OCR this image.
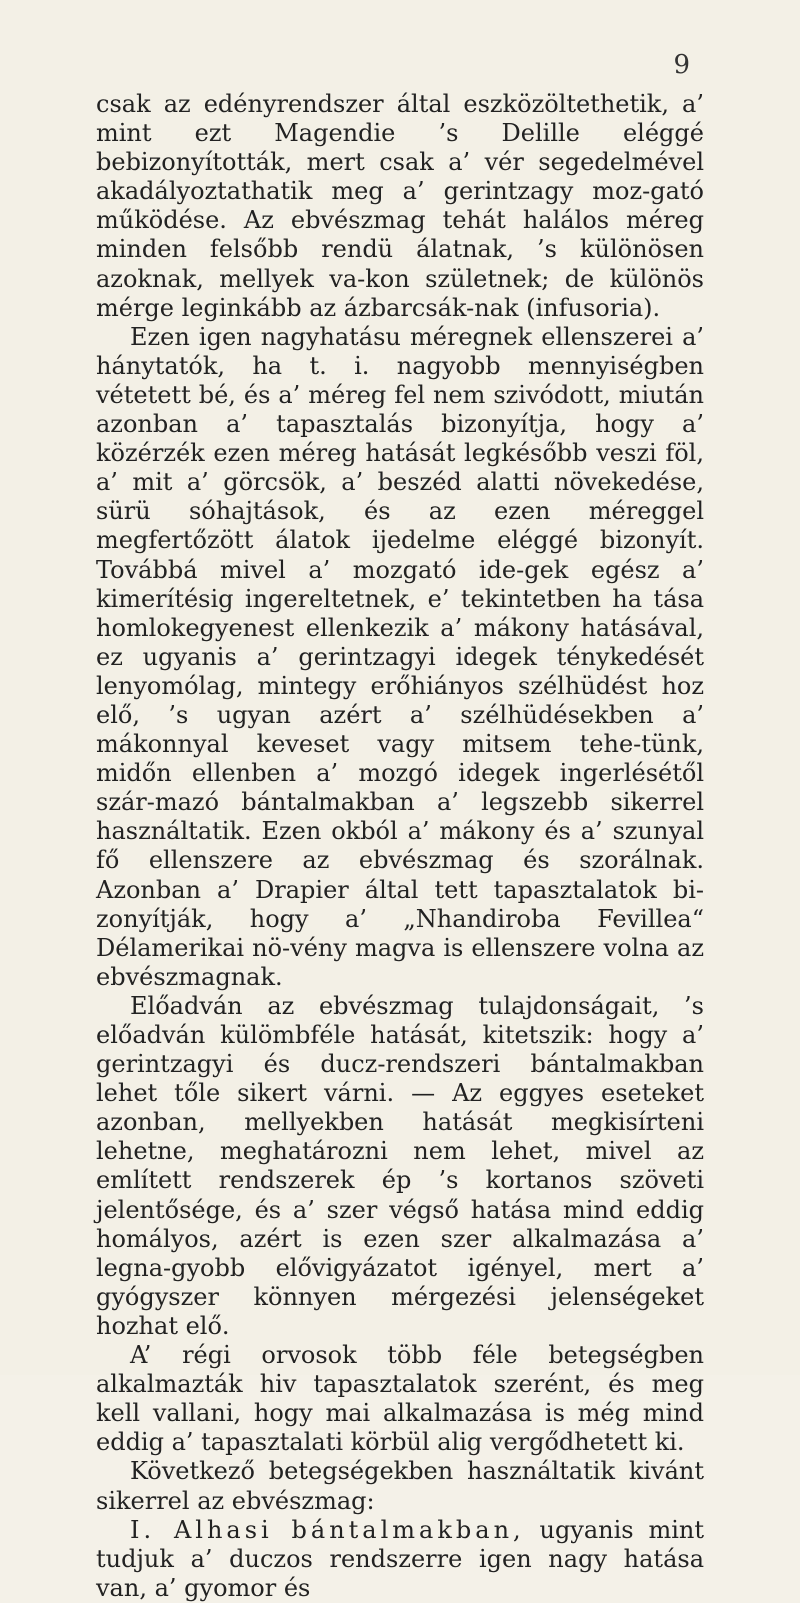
9

csak az edényrendszer által eszközöltethetik, a’ mint ezt Magendie ’s Delille eléggé bebizonyították, mert csak a’ vér segedelmével akadályoztathatik meg a’ gerintzagy moz-gató működése. Az ebvészmag tehát halálos méreg minden felsőbb rendü álatnak, ’s különösen azoknak, mellyek va-kon születnek; de különös mérge leginkább az ázbarcsák-nak (infusoria).

Ezen igen nagyhatásu méregnek ellenszerei a’ hánytatók, ha t. i. nagyobb mennyiségben vétetett bé, és a’ méreg fel nem szivódott, miután azonban a’ tapasztalás bizonyítja, hogy a’ közérzék ezen méreg hatását legkésőbb veszi föl, a’ mit a’ görcsök, a’ beszéd alatti növekedése, sürü sóhajtások, és az ezen méreggel megfertőzött álatok ijedelme eléggé bizonyít. Továbbá mivel a’ mozgató ide-gek egész a’ kimerítésig ingereltetnek, e’ tekintetben ha tása homlokegyenest ellenkezik a’ mákony hatásával, ez ugyanis a’ gerintzagyi idegek ténykedését lenyomólag, mintegy erőhiányos szélhüdést hoz elő, ’s ugyan azért a’ szélhüdésekben a’ mákonnyal keveset vagy mitsem tehe-tünk, midőn ellenben a’ mozgó idegek ingerlésétől szár-mazó bántalmakban a’ legszebb sikerrel használtatik. Ezen okból a’ mákony és a’ szunyal fő ellenszere az ebvészmag és szorálnak. Azonban a’ Drapier által tett tapasztalatok bi-zonyítják, hogy a’ „Nhandiroba Fevillea“ Délamerikai nö-vény magva is ellenszere volna az ebvészmagnak.

Előadván az ebvészmag tulajdonságait, ’s előadván külömbféle hatását, kitetszik: hogy a’ gerintzagyi és ducz-rendszeri bántalmakban lehet tőle sikert várni. — Az eggyes eseteket azonban, mellyekben hatását megkisírteni lehetne, meghatározni nem lehet, mivel az említett rendszerek ép ’s kortanos szöveti jelentősége, és a’ szer végső hatása mind eddig homályos, azért is ezen szer alkalmazása a’ legna-gyobb elővigyázatot igényel, mert a’ gyógyszer könnyen mérgezési jelenségeket hozhat elő.

A’ régi orvosok több féle betegségben alkalmazták hiv tapasztalatok szerént, és meg kell vallani, hogy mai alkalmazása is még mind eddig a’ tapasztalati körbül alig vergődhetett ki.

Következő betegségekben használtatik kivánt sikerrel az ebvészmag:

I. Alhasi bántalmakban, ugyanis mint tudjuk a’ duczos rendszerre igen nagy hatása van, a’ gyomor és
